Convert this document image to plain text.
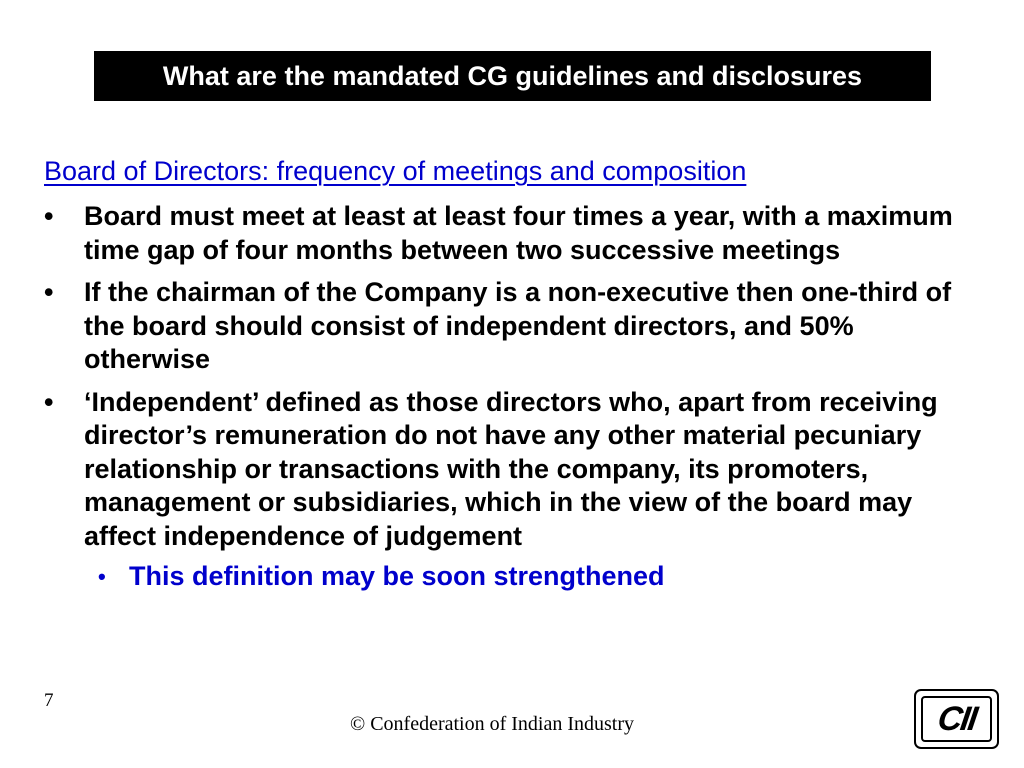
What are the mandated CG guidelines and disclosures
Board of Directors: frequency of meetings and composition
• Board must meet at least at least four times a year, with a maximum time gap of four months between two successive meetings
• If the chairman of the Company is a non-executive then one-third of the board should consist of independent directors, and 50% otherwise
• ‘Independent’ defined as those directors who, apart from receiving director’s remuneration do not have any other material pecuniary relationship or transactions with the company, its promoters, management or subsidiaries, which in the view of the board may affect independence of judgement
• This definition may be soon strengthened
7
© Confederation of Indian Industry	CII
